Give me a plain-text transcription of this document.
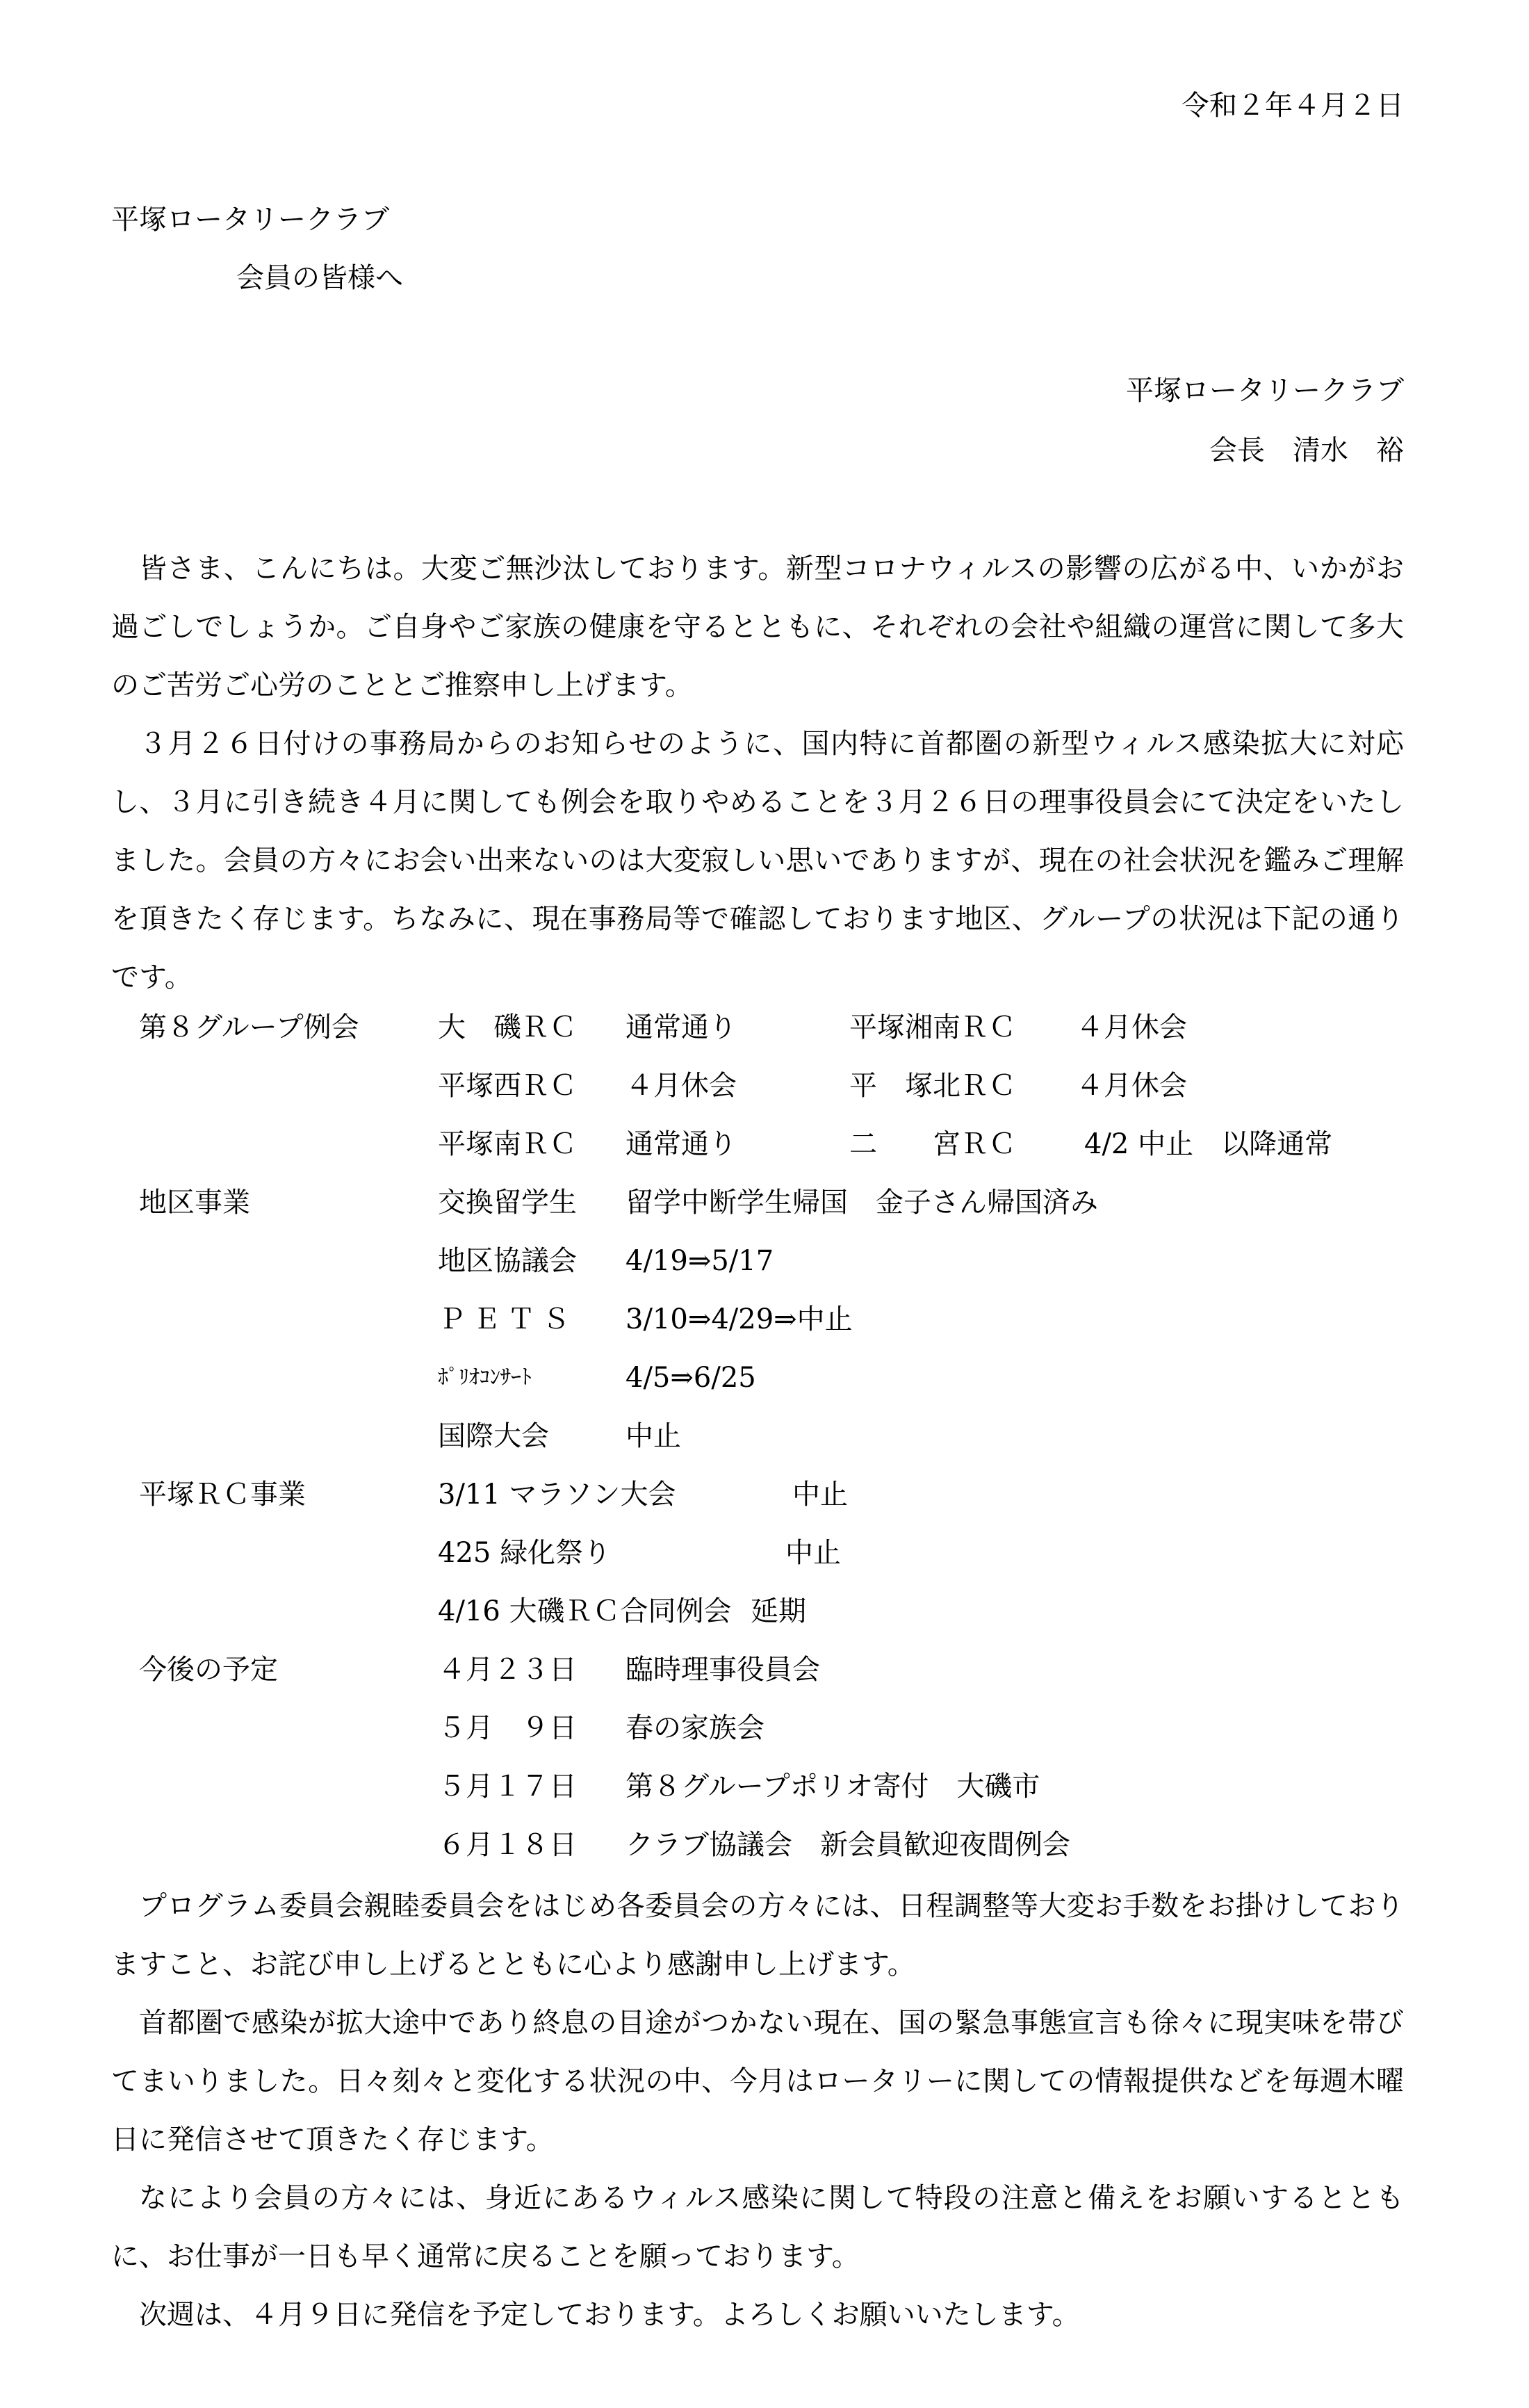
令和２年４月２日
平塚ロータリークラブ
会員の皆様へ
平塚ロータリークラブ
会長　清水　裕
皆さま、こんにちは。大変ご無沙汰しております。新型コロナウィルスの影響の広がる中、いかがお過ごしでしょうか。ご自身やご家族の健康を守るとともに、それぞれの会社や組織の運営に関して多大のご苦労ご心労のこととご推察申し上げます。
３月２６日付けの事務局からのお知らせのように、国内特に首都圏の新型ウィルス感染拡大に対応し、３月に引き続き４月に関しても例会を取りやめることを３月２６日の理事役員会にて決定をいたしました。会員の方々にお会い出来ないのは大変寂しい思いでありますが、現在の社会状況を鑑みご理解を頂きたく存じます。ちなみに、現在事務局等で確認しております地区、グループの状況は下記の通りです。
第８グループ例会	大　磯ＲＣ 通常通り	平塚湘南ＲＣ ４月休会
平塚西ＲＣ ４月休会	平　塚北ＲＣ ４月休会
平塚南ＲＣ 通常通り	二　　宮ＲＣ 4/2 中止　以降通常
地区事業	交換留学生 留学中断学生帰国　金子さん帰国済み
地区協議会 4/19⇒5/17
ＰＥＴＳ 3/10⇒4/29⇒中止
ﾎﾟﾘｵｺﾝｻｰﾄ	4/5⇒6/25
国際大会	中止
平塚ＲＣ事業	3/11 マラソン大会	中止
425 緑化祭り	中止
4/16 大磯ＲＣ合同例会 延期
今後の予定	４月２３日 臨時理事役員会
５月　９日 春の家族会
５月１７日 第８グループポリオ寄付　大磯市
６月１８日 クラブ協議会　新会員歓迎夜間例会
プログラム委員会親睦委員会をはじめ各委員会の方々には、日程調整等大変お手数をお掛けしておりますこと、お詫び申し上げるとともに心より感謝申し上げます。
首都圏で感染が拡大途中であり終息の目途がつかない現在、国の緊急事態宣言も徐々に現実味を帯びてまいりました。日々刻々と変化する状況の中、今月はロータリーに関しての情報提供などを毎週木曜日に発信させて頂きたく存じます。
なにより会員の方々には、身近にあるウィルス感染に関して特段の注意と備えをお願いするとともに、お仕事が一日も早く通常に戻ることを願っております。
次週は、４月９日に発信を予定しております。よろしくお願いいたします。
